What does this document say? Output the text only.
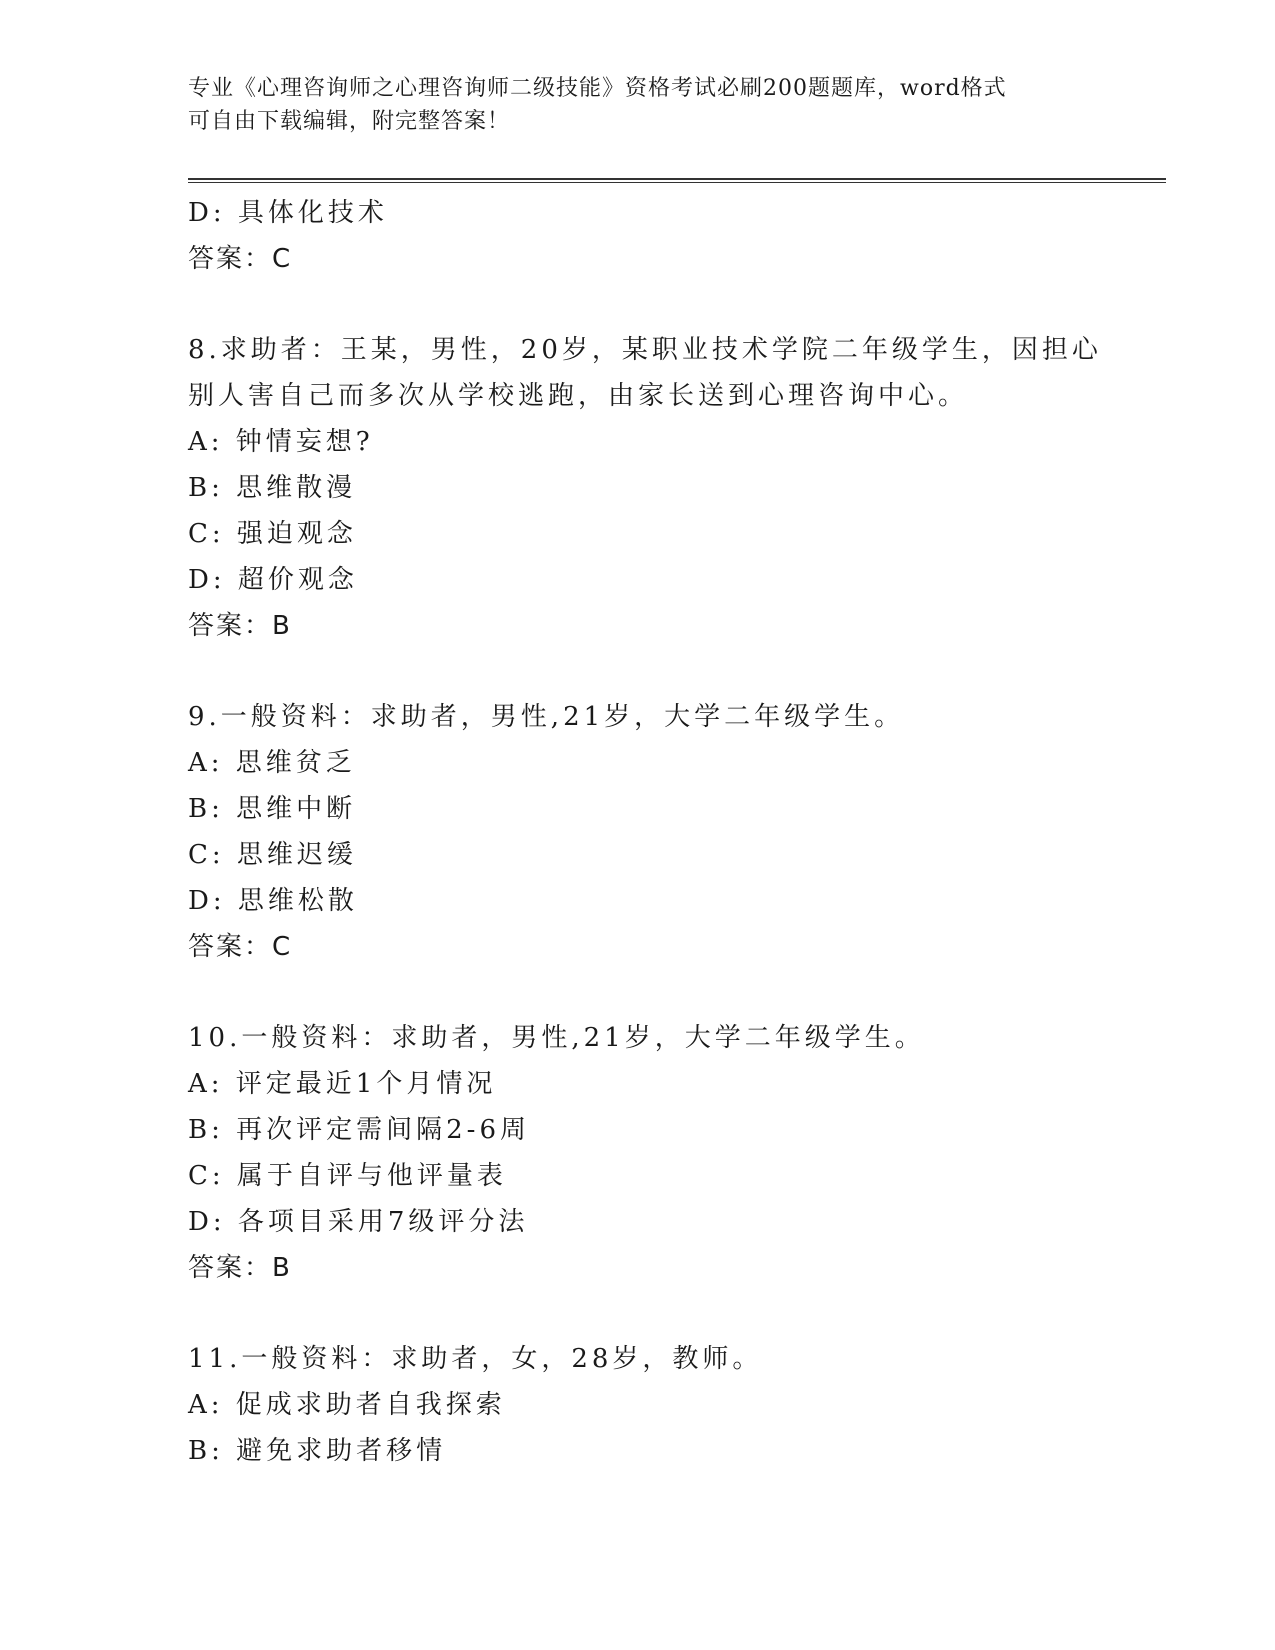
专业《心理咨询师之心理咨询师二级技能》资格考试必刷200题题库，word格式
可自由下载编辑，附完整答案！
D: 具体化技术
答案：C
8.求助者：王某，男性，20岁，某职业技术学院二年级学生，因担心
别人害自己而多次从学校逃跑，由家长送到心理咨询中心。
A: 钟情妄想?
B: 思维散漫
C: 强迫观念
D: 超价观念
答案：B
9.一般资料：求助者，男性,21岁，大学二年级学生。
A: 思维贫乏
B: 思维中断
C: 思维迟缓
D: 思维松散
答案：C
10.一般资料：求助者，男性,21岁，大学二年级学生。
A: 评定最近1个月情况
B: 再次评定需间隔2-6周
C: 属于自评与他评量表
D: 各项目采用7级评分法
答案：B
11.一般资料：求助者，女，28岁，教师。
A: 促成求助者自我探索
B: 避免求助者移情
